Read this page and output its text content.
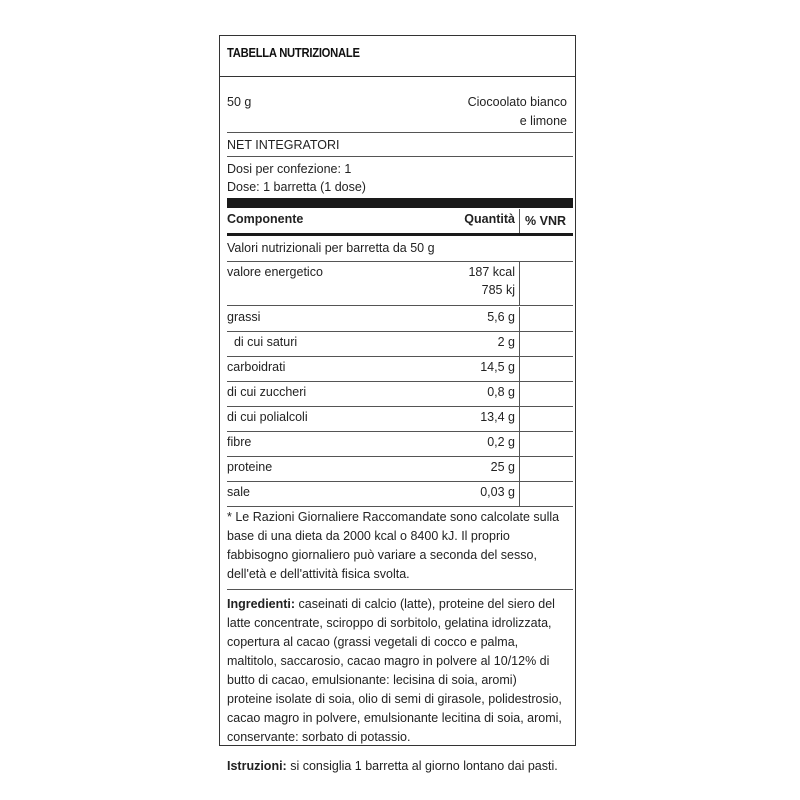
TABELLA NUTRIZIONALE
50 g	Ciocoolato bianco
e limone
NET INTEGRATORI
Dosi per confezione: 1
Dose: 1 barretta (1 dose)
Componente	Quantità % VNR
Valori nutrizionali per barretta da 50 g
valore energetico	187 kcal
785 kj
grassi	5,6 g
di cui saturi	2 g
carboidrati	14,5 g
di cui zuccheri	0,8 g
di cui polialcoli	13,4 g
fibre	0,2 g
proteine	25 g
sale	0,03 g
* Le Razioni Giornaliere Raccomandate sono calcolate sulla
base di una dieta da 2000 kcal o 8400 kJ. Il proprio
fabbisogno giornaliero può variare a seconda del sesso,
dell'età e dell'attività fisica svolta.
Ingredienti: caseinati di calcio (latte), proteine del siero del
latte concentrate, sciroppo di sorbitolo, gelatina idrolizzata,
copertura al cacao (grassi vegetali di cocco e palma,
maltitolo, saccarosio, cacao magro in polvere al 10/12% di
butto di cacao, emulsionante: lecisina di soia, aromi)
proteine isolate di soia, olio di semi di girasole, polidestrosio,
cacao magro in polvere, emulsionante lecitina di soia, aromi,
conservante: sorbato di potassio.
Istruzioni: si consiglia 1 barretta al giorno lontano dai pasti.
